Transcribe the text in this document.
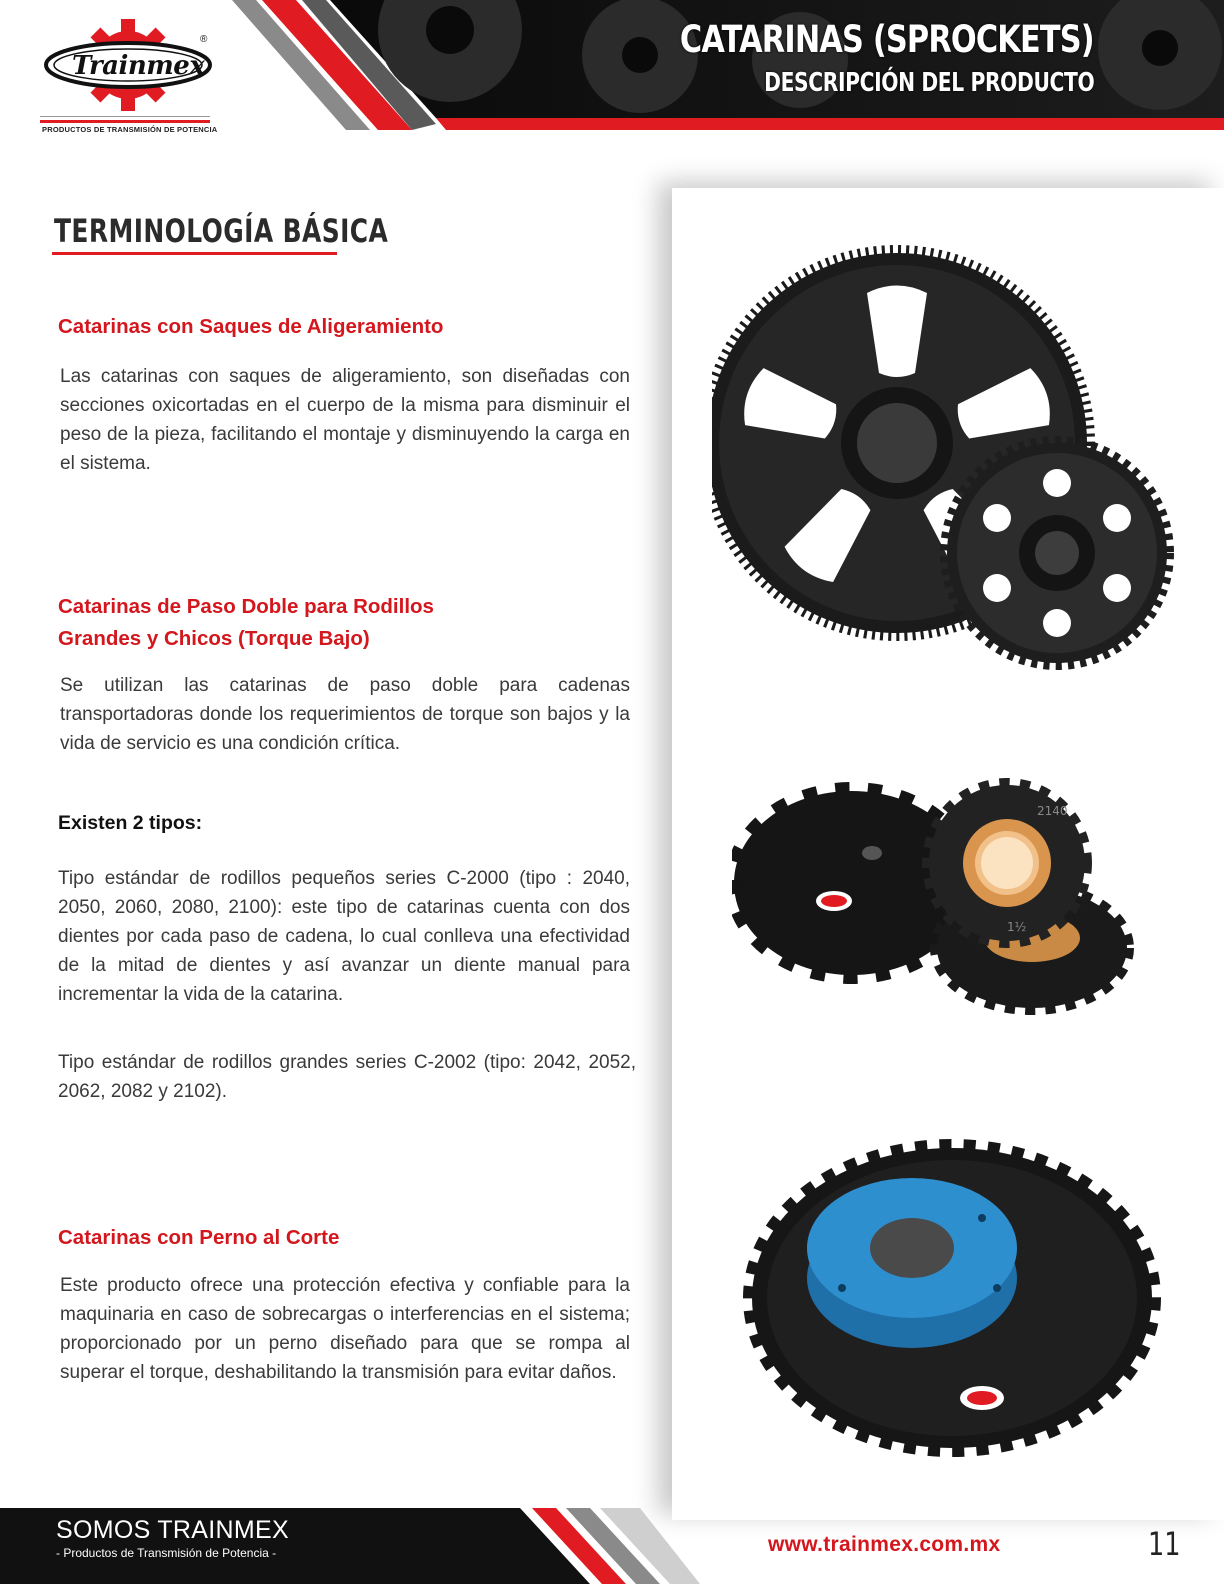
Trainmex
®
PRODUCTOS DE TRANSMISIÓN DE POTENCIA
CATARINAS (SPROCKETS)
DESCRIPCIÓN DEL PRODUCTO
2140
1½
TERMINOLOGÍA BÁSICA
Catarinas con Saques de Aligeramiento

Las catarinas con saques de aligeramiento, son diseñadas con secciones oxicortadas en el cuerpo de la misma para disminuir el peso de la pieza, facilitando el montaje y disminuyendo la carga en el sistema.

Catarinas de Paso Doble para Rodillos
Grandes y Chicos (Torque Bajo)

Se utilizan las catarinas de paso doble para cadenas transportadoras donde los requerimientos de torque son bajos y la vida de servicio es una condición crítica.

Existen 2 tipos:

Tipo estándar de rodillos pequeños series C-2000 (tipo : 2040, 2050, 2060, 2080, 2100): este tipo de catarinas cuenta con dos dientes por cada paso de cadena, lo cual conlleva una efectividad de la mitad de dientes y así avanzar un diente manual para incrementar la vida de la catarina.

Tipo estándar de rodillos grandes series C-2002 (tipo: 2042, 2052, 2062, 2082 y 2102).

Catarinas con Perno al Corte

Este producto ofrece una protección efectiva y confiable para la maquinaria en caso de sobrecargas o interferencias en el sistema; proporcionado por un perno diseñado para que se rompa al superar el torque, deshabilitando la transmisión para evitar daños.

SOMOS TRAINMEX
- Productos de Transmisión de Potencia -	www.trainmex.com.mx	11
